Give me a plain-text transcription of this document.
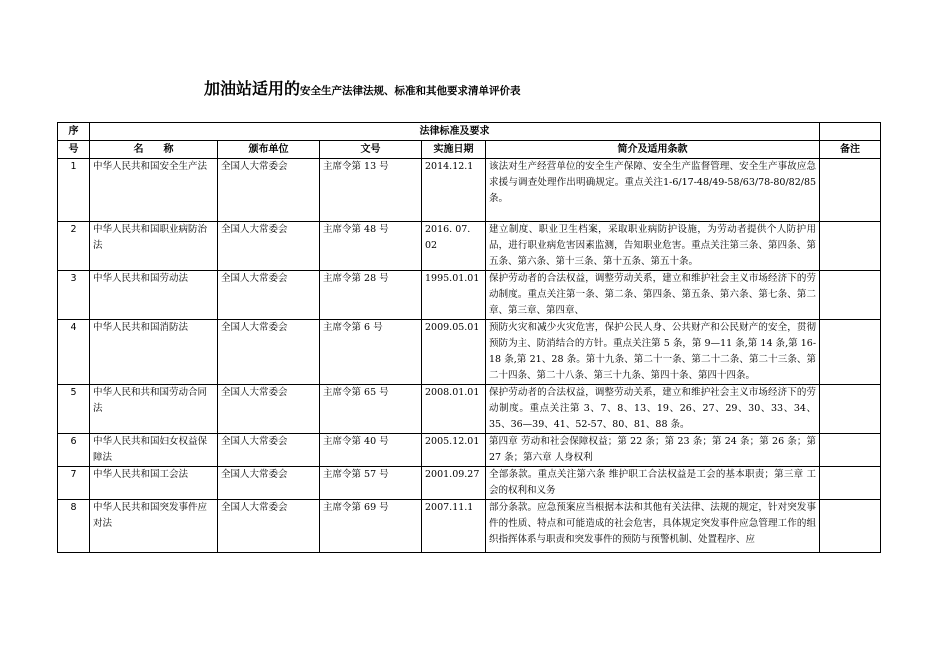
加油站适用的安全生产法律法规、标准和其他要求清单评价表
序	法律标准及要求					
号	名　　称	颁布单位	文号	实施日期	简介及适用条款	备注
1	中华人民共和国安全生产法	全国人大常委会	主席令第 13 号	2014.12.1	该法对生产经营单位的安全生产保障、安全生产监督管理、安全生产事故应急求援与调查处理作出明确规定。重点关注1-6/17-48/49-58/63/78-80/82/85 条。	
2	中华人民共和国职业病防治法	全国人大常委会	主席令第 48 号	2016. 07. 02	建立制度、职业卫生档案，采取职业病防护设施，为劳动者提供个人防护用品，进行职业病危害因素监测，告知职业危害。重点关注第三条、第四条、第五条、第六条、第十三条、第十五条、第五十条。	
3	中华人民共和国劳动法	全国人大常委会	主席令第 28 号	1995.01.01	保护劳动者的合法权益，调整劳动关系，建立和维护社会主义市场经济下的劳动制度。重点关注第一条、第二条、第四条、第五条、第六条、第七条、第二章、第三章、第四章、	
4	中华人民共和国消防法	全国人大常委会	主席令第 6 号	2009.05.01	预防火灾和减少火灾危害，保护公民人身、公共财产和公民财产的安全，贯彻预防为主、防消结合的方针。重点关注第 5 条，第 9—11 条,第 14 条,第 16-18 条,第 21、28 条。第十九条、第二十一条、第二十二条、第二十三条、第二十四条、第二十八条、第三十九条、第四十条、第四十四条。	
5	中华人民和共和国劳动合同法	全国人大常委会	主席令第 65 号	2008.01.01	保护劳动者的合法权益，调整劳动关系，建立和维护社会主义市场经济下的劳动制度。重点关注第 3、7、8、13、19、26、27、29、30、33、34、35、36—39、41、52-57、80、81、88 条。	
6	中华人民共和国妇女权益保障法	全国人大常委会	主席令第 40 号	2005.12.01	第四章 劳动和社会保障权益；第 22 条；第 23 条；第 24 条；第 26 条；第 27 条；第六章 人身权利	
7	中华人民共和国工会法	全国人大常委会	主席令第 57 号	2001.09.27	全部条款。重点关注第六条 维护职工合法权益是工会的基本职责；第三章 工会的权利和义务	
8	中华人民共和国突发事件应对法	全国人大常委会	主席令第 69 号	2007.11.1	部分条款。应急预案应当根据本法和其他有关法律、法规的规定，针对突发事件的性质、特点和可能造成的社会危害，具体规定突发事件应急管理工作的组织指挥体系与职责和突发事件的预防与预警机制、处置程序、应	
